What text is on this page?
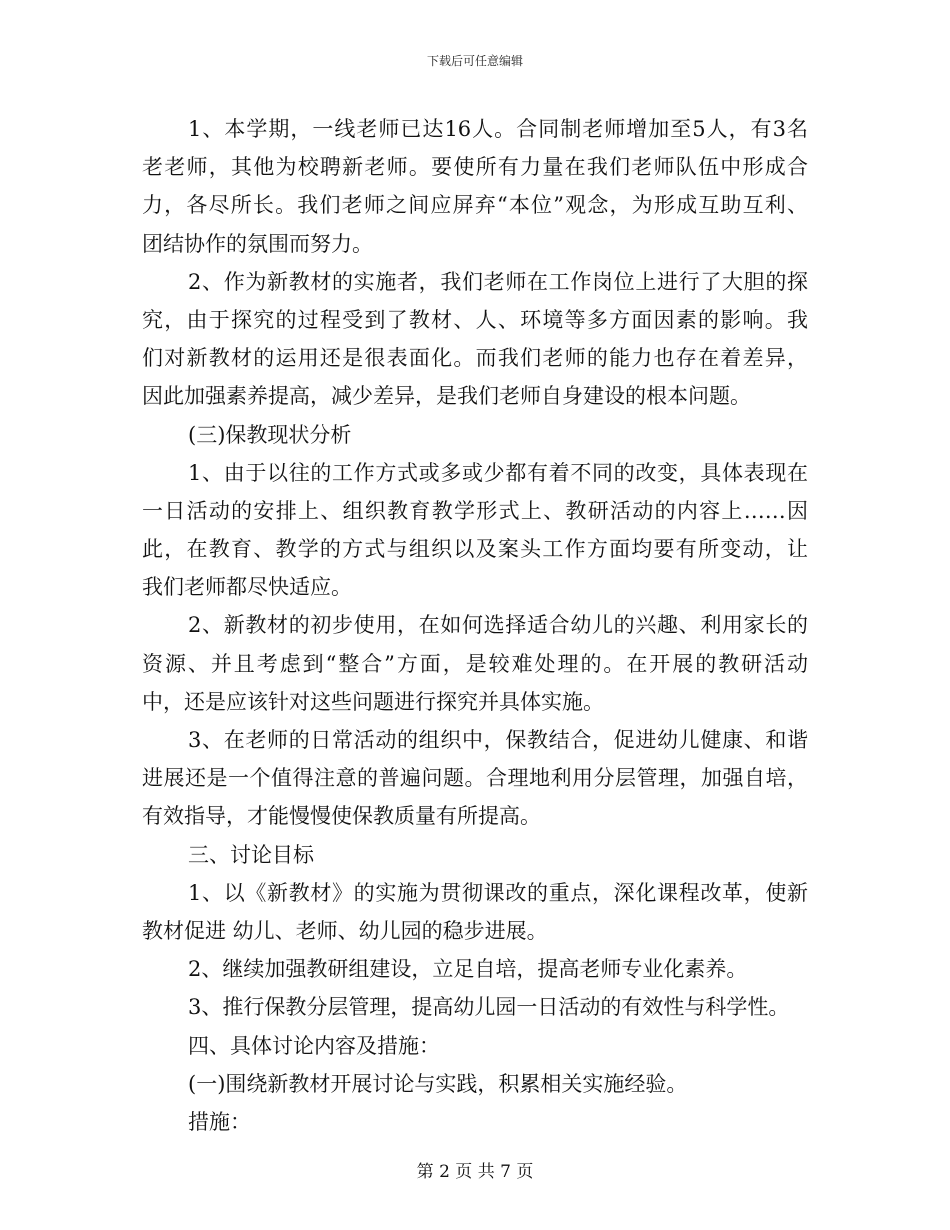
下载后可任意编辑
1、本学期，一线老师已达16人。合同制老师增加至5人，有3名
老老师，其他为校聘新老师。要使所有力量在我们老师队伍中形成合
力，各尽所长。我们老师之间应屏弃“本位”观念，为形成互助互利、
团结协作的氛围而努力。
2、作为新教材的实施者，我们老师在工作岗位上进行了大胆的探
究，由于探究的过程受到了教材、人、环境等多方面因素的影响。我
们对新教材的运用还是很表面化。而我们老师的能力也存在着差异，
因此加强素养提高，减少差异，是我们老师自身建设的根本问题。
(三)保教现状分析
1、由于以往的工作方式或多或少都有着不同的改变，具体表现在
一日活动的安排上、组织教育教学形式上、教研活动的内容上……因
此，在教育、教学的方式与组织以及案头工作方面均要有所变动，让
我们老师都尽快适应。
2、新教材的初步使用，在如何选择适合幼儿的兴趣、利用家长的
资源、并且考虑到“整合”方面，是较难处理的。在开展的教研活动
中，还是应该针对这些问题进行探究并具体实施。
3、在老师的日常活动的组织中，保教结合，促进幼儿健康、和谐
进展还是一个值得注意的普遍问题。合理地利用分层管理，加强自培，
有效指导，才能慢慢使保教质量有所提高。
三、讨论目标
1、以《新教材》的实施为贯彻课改的重点，深化课程改革，使新
教材促进 幼儿、老师、幼儿园的稳步进展。
2、继续加强教研组建设，立足自培，提高老师专业化素养。
3、推行保教分层管理，提高幼儿园一日活动的有效性与科学性。
四、具体讨论内容及措施：
(一)围绕新教材开展讨论与实践，积累相关实施经验。
措施：
第 2 页 共 7 页
